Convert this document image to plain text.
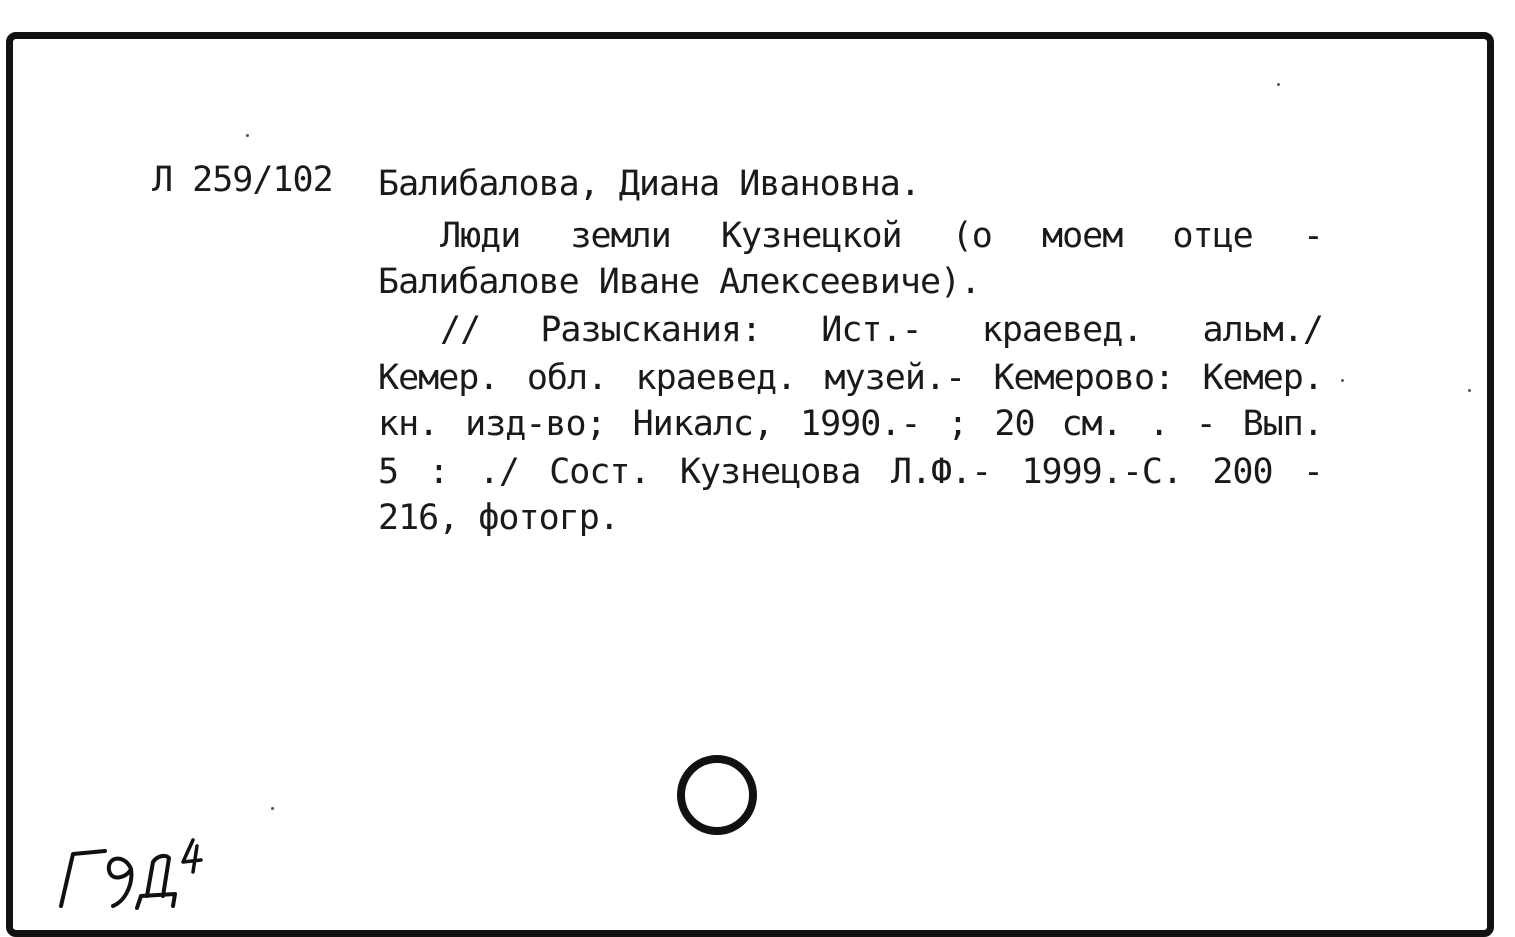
Л 259/102 Балибалова, Диана Ивановна.
Люди земли Кузнецкой (о моем отце -
Балибалове Иване Алексеевиче).
// Разыскания: Ист.- краевед. альм./
Кемер. обл. краевед. музей.- Кемерово: Кемер.
кн. изд-во; Никалс, 1990.- ; 20 см. . - Вып.
5 : ./ Сост. Кузнецова Л.Ф.- 1999.-С. 200 -
216, фотогр.
